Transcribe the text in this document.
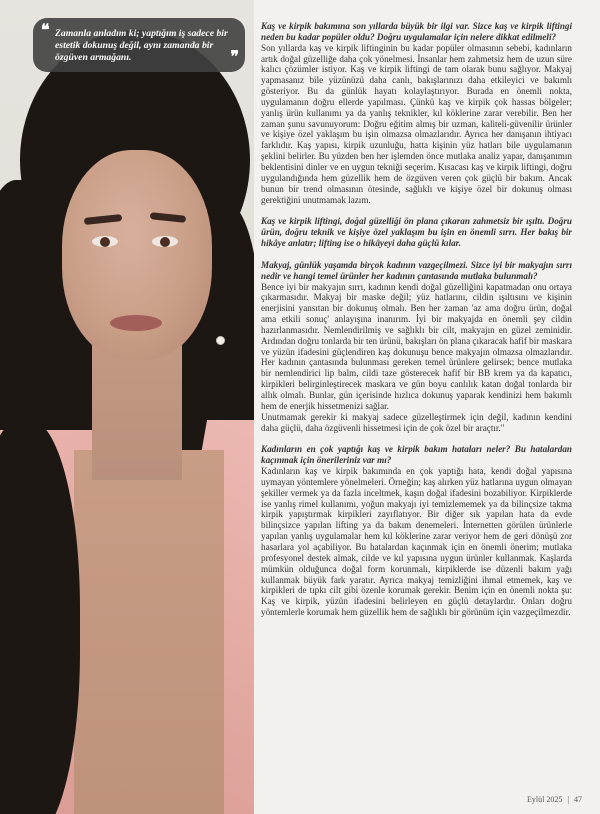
❝ Zamanla anladım ki; yaptığım iş sadece bir estetik dokunuş değil, aynı zamanda bir özgüven armağanı.	❞

Kaş ve kirpik bakımına son yıllarda büyük bir ilgi var. Sizce kaş ve kirpik liftingi neden bu kadar popüler oldu? Doğru uygulamalar için nelere dikkat edilmeli?

Son yıllarda kaş ve kirpik liftinginin bu kadar popüler olmasının sebebi, kadınların artık doğal güzelliğe daha çok yönelmesi. İnsanlar hem zahmetsiz hem de uzun süre kalıcı çözümler istiyor. Kaş ve kirpik liftingi de tam olarak bunu sağlıyor. Makyaj yapmasanız bile yüzünüzü daha canlı, bakışlarınızı daha etkileyici ve bakımlı gösteriyor. Bu da günlük hayatı kolaylaştırıyor. Burada en önemli nokta, uygulamanın doğru ellerde yapılması. Çünkü kaş ve kirpik çok hassas bölgeler; yanlış ürün kullanımı ya da yanlış teknikler, kıl köklerine zarar verebilir. Ben her zaman şunu savunuyorum: Doğru eğitim almış bir uzman, kaliteli-güvenilir ürünler ve kişiye özel yaklaşım bu işin olmazsa olmazlarıdır. Ayrıca her danışanın ihtiyacı farklıdır. Kaş yapısı, kirpik uzunluğu, hatta kişinin yüz hatları bile uygulamanın şeklini belirler. Bu yüzden ben her işlemden önce mutlaka analiz yapar, danışanımın beklentisini dinler ve en uygun tekniği seçerim. Kısacası kaş ve kirpik liftingi, doğru uygulandığında hem güzellik hem de özgüven veren çok güçlü bir bakım. Ancak bunun bir trend olmasının ötesinde, sağlıklı ve kişiye özel bir dokunuş olması gerektiğini unutmamak lazım.

Kaş ve kirpik liftingi, doğal güzelliği ön plana çıkaran zahmetsiz bir ışıltı. Doğru ürün, doğru teknik ve kişiye özel yaklaşım bu işin en önemli sırrı. Her bakış bir hikâye anlatır; lifting ise o hikâyeyi daha güçlü kılar.

Makyaj, günlük yaşamda birçok kadının vazgeçilmezi. Sizce iyi bir makyajın sırrı nedir ve hangi temel ürünler her kadının çantasında mutlaka bulunmalı?

Bence iyi bir makyajın sırrı, kadının kendi doğal güzelliğini kapatmadan onu ortaya çıkarmasıdır. Makyaj bir maske değil; yüz hatlarını, cildin ışıltısını ve kişinin enerjisini yansıtan bir dokunuş olmalı. Ben her zaman 'az ama doğru ürün, doğal ama etkili sonuç' anlayışına inanırım. İyi bir makyajda en önemli şey cildin hazırlanmasıdır. Nemlendirilmiş ve sağlıklı bir cilt, makyajın en güzel zeminidir. Ardından doğru tonlarda bir ten ürünü, bakışları ön plana çıkaracak hafif bir maskara ve yüzün ifadesini güçlendiren kaş dokunuşu bence makyajın olmazsa olmazlarıdır. Her kadının çantasında bulunması gereken temel ürünlere gelirsek; bence mutlaka bir nemlendirici lip balm, cildi taze gösterecek hafif bir BB krem ya da kapatıcı, kirpikleri belirginleştirecek maskara ve gün boyu canlılık katan doğal tonlarda bir allık olmalı. Bunlar, gün içerisinde hızlıca dokunuş yaparak kendinizi hem bakımlı hem de enerjik hissetmenizi sağlar.

Unutmamak gerekir ki makyaj sadece güzelleştirmek için değil, kadının kendini daha güçlü, daha özgüvenli hissetmesi için de çok özel bir araçtır."

Kadınların en çok yaptığı kaş ve kirpik bakım hataları neler? Bu hatalardan kaçınmak için önerileriniz var mı?

Kadınların kaş ve kirpik bakımında en çok yaptığı hata, kendi doğal yapısına uymayan yöntemlere yönelmeleri. Örneğin; kaş alırken yüz hatlarına uygun olmayan şekiller vermek ya da fazla inceltmek, kaşın doğal ifadesini bozabiliyor. Kirpiklerde ise yanlış rimel kullanımı, yoğun makyajı iyi temizlememek ya da bilinçsize takma kirpik yapıştırmak kirpikleri zayıflatıyor. Bir diğer sık yapılan hata da evde bilinçsizce yapılan lifting ya da bakım denemeleri. İnternetten görülen ürünlerle yapılan yanlış uygulamalar hem kıl köklerine zarar veriyor hem de geri dönüşü zor hasarlara yol açabiliyor. Bu hatalardan kaçınmak için en önemli önerim; mutlaka profesyonel destek almak, cilde ve kıl yapısına uygun ürünler kullanmak. Kaşlarda mümkün olduğunca doğal form korunmalı, kirpiklerde ise düzenli bakım yağı kullanmak büyük fark yaratır. Ayrıca makyaj temizliğini ihmal etmemek, kaş ve kirpikleri de tıpkı cilt gibi özenle korumak gerekir. Benim için en önemli nokta şu: Kaş ve kirpik, yüzün ifadesini belirleyen en güçlü detaylardır. Onları doğru yöntemlerle korumak hem güzellik hem de sağlıklı bir görünüm için vazgeçilmezdir.

Eylül 2025 | 47
